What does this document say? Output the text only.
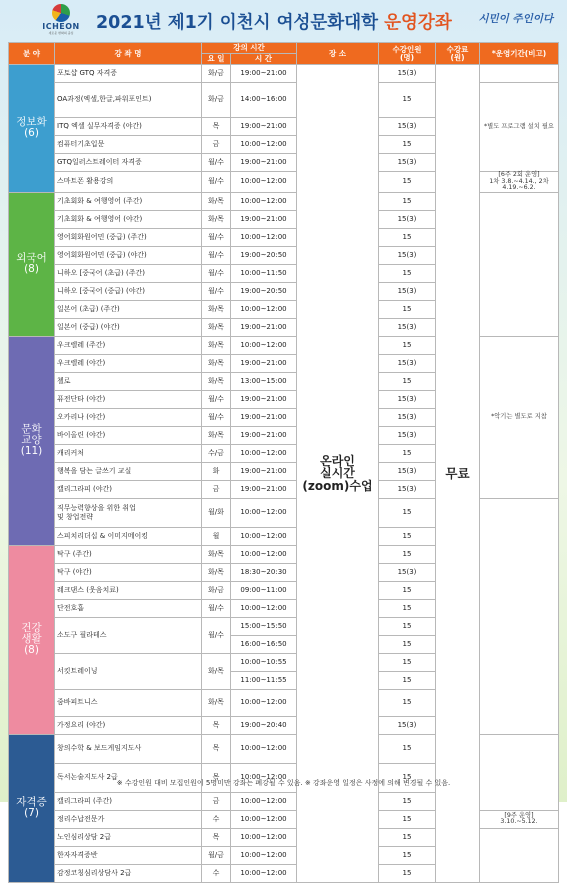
ICHEON
새로운 변화의 중심	2021년 제1기 이천시 여성문화대학 운영강좌	시민이 주인이다
분 야	강 좌 명	강의 시간		장 소	수강인원
(명)	수강료
(원)	*운영기간(비고)
		요 일	시 간				
정보화
(6)	포토샵 GTQ 자격증	화/금	19:00~21:00	온라인
실시간
(zoom)수업	15(3)	무료	
	OA과정(엑셀,한글,파워포인트)	화/금	14:00~16:00		15		*별도 프로그램 설치 필요
	ITQ 엑셀 실무자격증 (야간)	목	19:00~21:00		15(3)		
	컴퓨터기초입문	금	10:00~12:00		15		
	GTQ일러스트레이터 자격증	월/수	19:00~21:00		15(3)		
	스마트폰 활용강의	월/수	10:00~12:00		15		[6주 2회 운영]
1차 3.8.~4.14., 2차 4.19.~6.2.
외국어
(8)	기초회화 & 여행영어 (주간)	화/목	10:00~12:00		15		
	기초회화 & 여행영어 (야간)	화/목	19:00~21:00		15(3)		
	영어회화원어민 (중급) (주간)	월/수	10:00~12:00		15		
	영어회화원어민 (중급) (야간)	월/수	19:00~20:50		15(3)		
	니하오 [중국어 (초급) (주간)	월/수	10:00~11:50		15		
	니하오 [중국어 (중급) (야간)	월/수	19:00~20:50		15(3)		
	일본어 (초급) (주간)	화/목	10:00~12:00		15		
	일본어 (중급) (야간)	화/목	19:00~21:00		15(3)		
문화
교양
(11)	우크렐레 (주간)	화/목	10:00~12:00		15		*악기는 별도로 지참
	우크렐레 (야간)	화/목	19:00~21:00		15(3)		
	첼로	화/목	13:00~15:00		15		
	퓨전단타 (야간)	월/수	19:00~21:00		15(3)		
	오카리나 (야간)	월/수	19:00~21:00		15(3)		
	바이올린 (야간)	화/목	19:00~21:00		15(3)		
	캐리커처	수/금	10:00~12:00		15		
	행복을 담는 글쓰기 교실	화	19:00~21:00		15(3)		
	캘리그라피 (야간)	금	19:00~21:00		15(3)		

	직무능력향상을 위한 취업
및 창업전략	월/화	10:00~12:00		15		
	스피치리더십 & 이미지메이킹	월	10:00~12:00		15		
건강
생활
(8)	탁구 (주간)	화/목	10:00~12:00		15		
	탁구 (야간)	화/목	18:30~20:30		15(3)		
	레크댄스 (웃음치료)	화/금	09:00~11:00		15		
	단전호흡	월/수	10:00~12:00		15		
	소도구 필라테스	월/수	15:00~15:50		15		
			16:00~16:50		15		
	서킷트레이닝	화/목	10:00~10:55		15		
			11:00~11:55		15		
	줌바피트니스	화/목	10:00~12:00		15		
	가정요리 (야간)	목	19:00~20:40		15(3)		
자격증
(7)	창의수학 & 보드게임지도사	목	10:00~12:00		15		
	독서논술지도사 2급	목	10:00~12:00		15		
	캘리그라피 (주간)	금	10:00~12:00		15		
	정리수납전문가	수	10:00~12:00		15		[9주 운영]
3.10.~5.12.
	노인심리상담 2급	목	10:00~12:00		15		
	한자자격증반	월/금	10:00~12:00		15		
	감정코칭심리상담사 2급	수	10:00~12:00		15		
※ 수강인원 대비 모집인원이 5명미만 강좌는 폐강될 수 있음. ※ 강좌운영 일정은 사정에 의해 변경될 수 있음.
